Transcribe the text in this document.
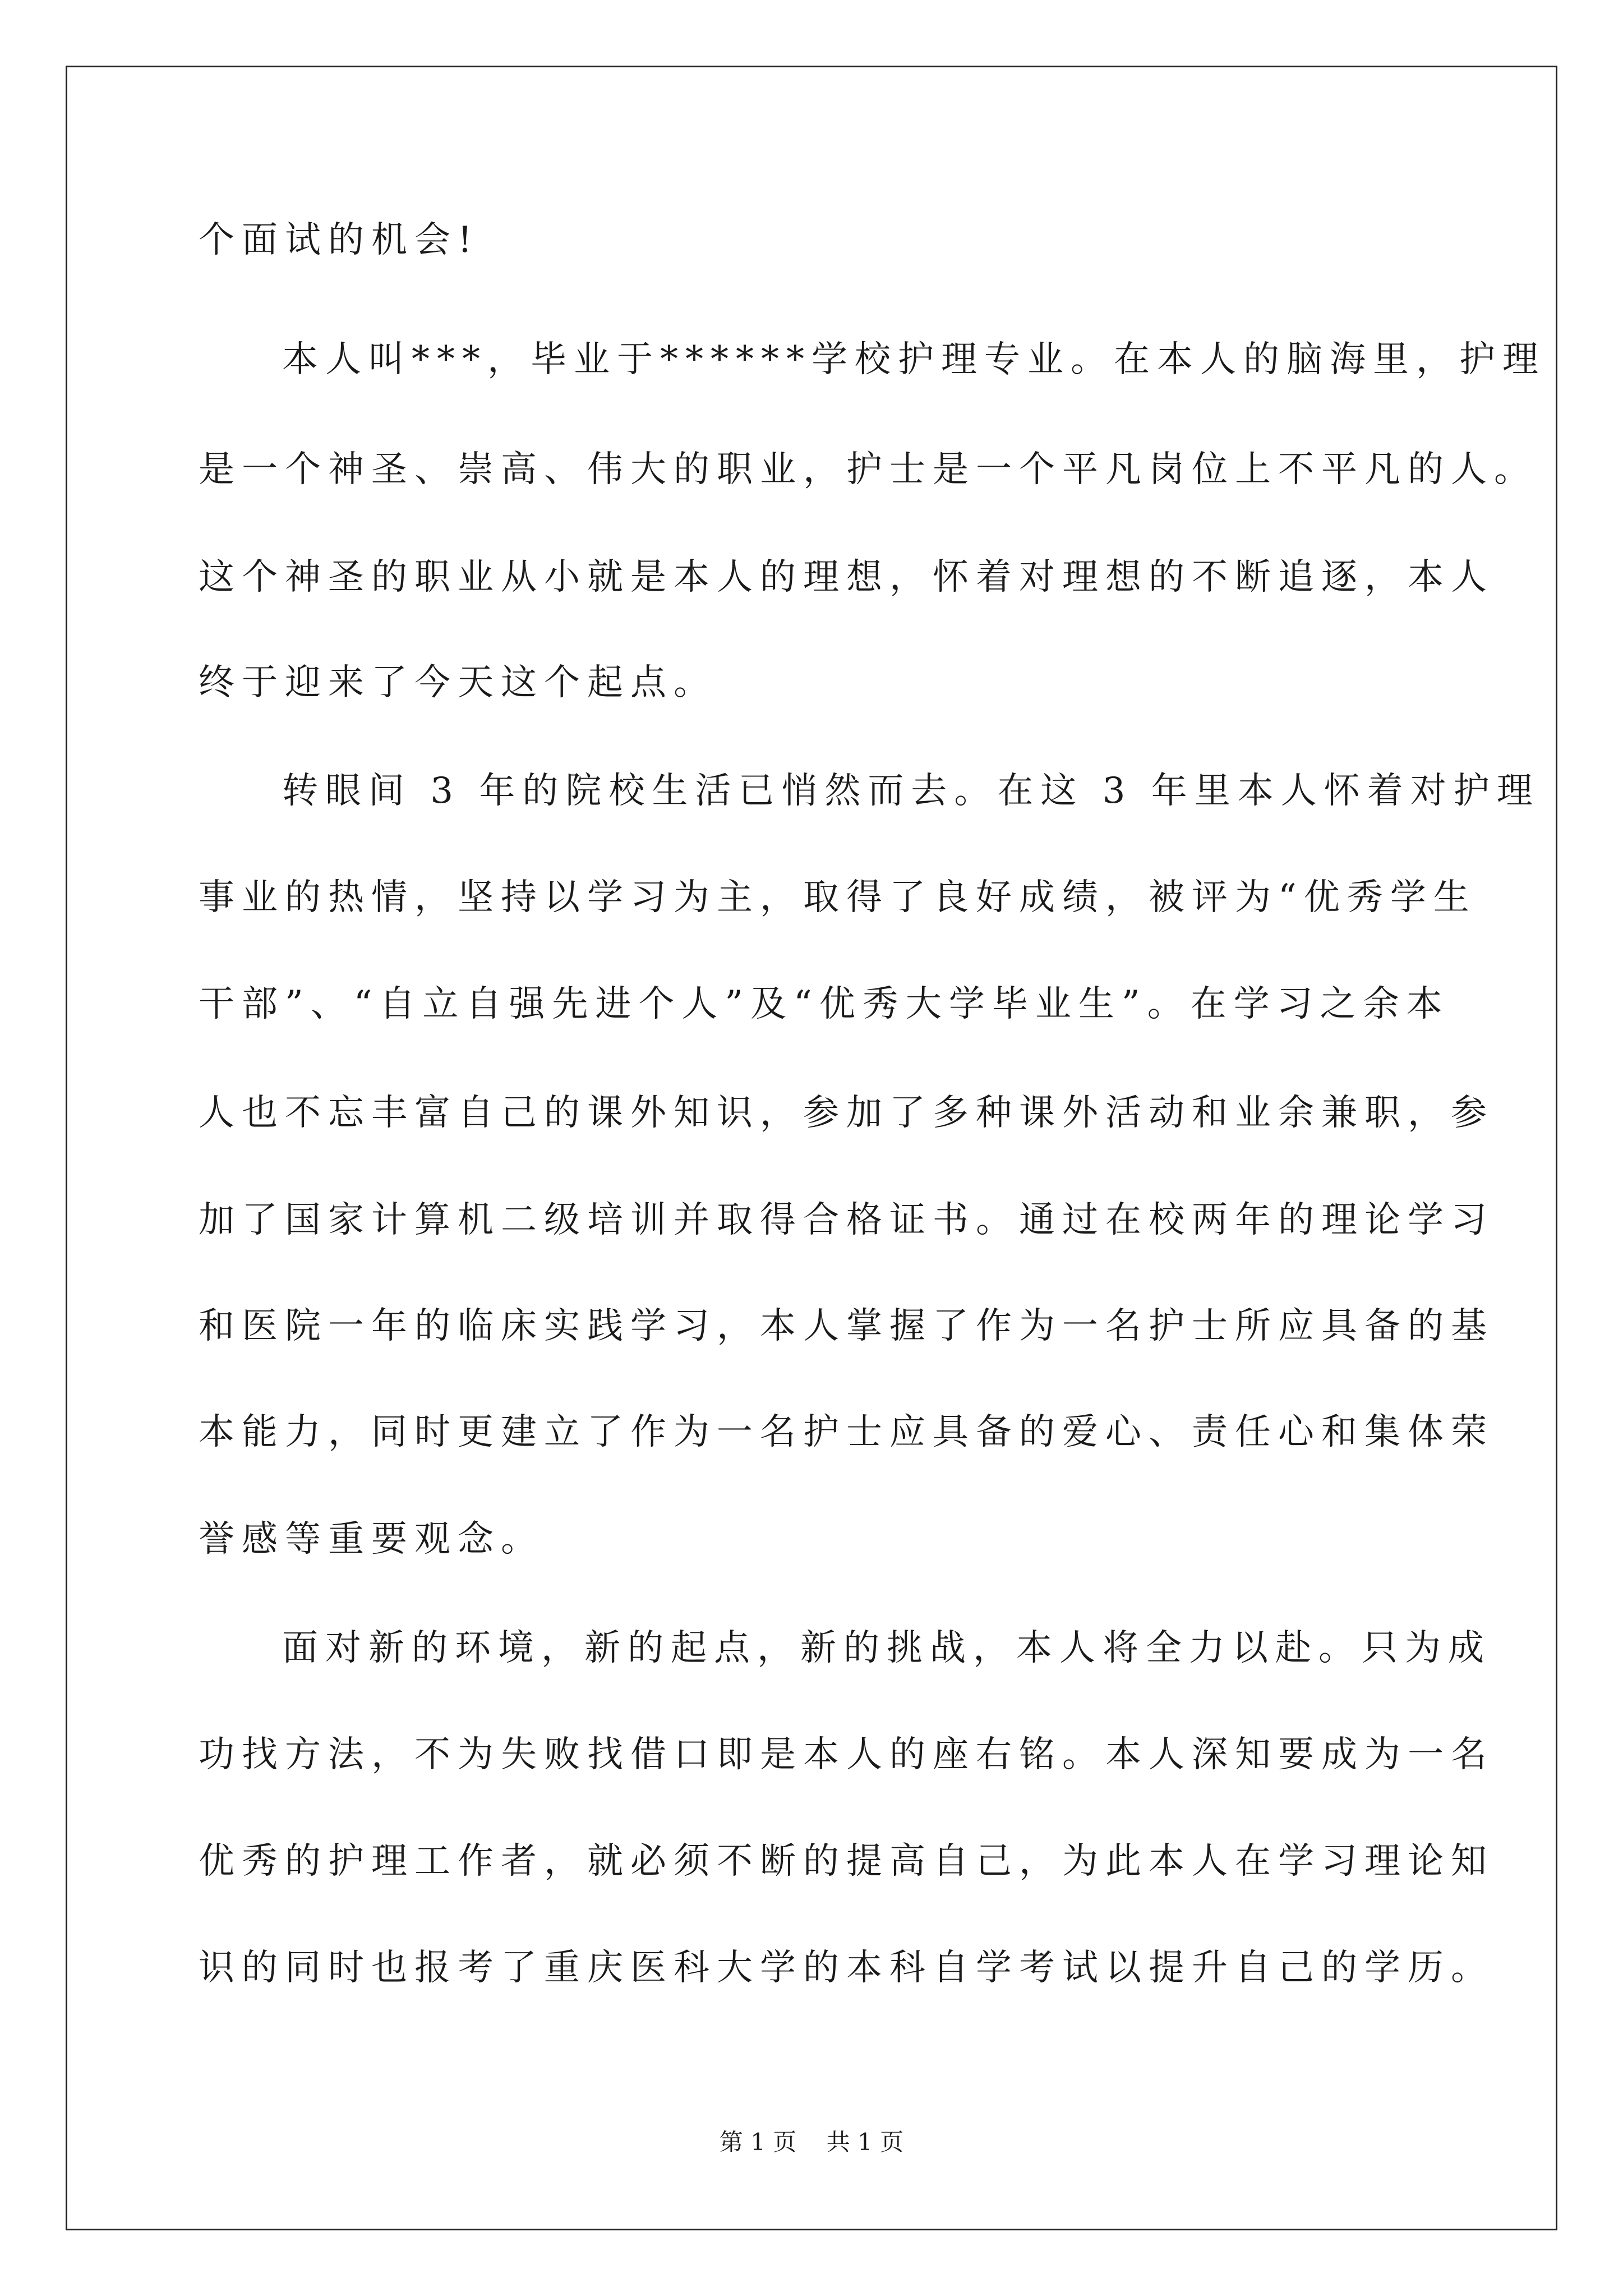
个面试的机会!
本人叫***，毕业于******学校护理专业。在本人的脑海里，护理
是一个神圣、崇高、伟大的职业，护士是一个平凡岗位上不平凡的人。
这个神圣的职业从小就是本人的理想，怀着对理想的不断追逐，本人
终于迎来了今天这个起点。
转眼间 3 年的院校生活已悄然而去。在这 3 年里本人怀着对护理
事业的热情，坚持以学习为主，取得了良好成绩，被评为“优秀学生
干部”、“自立自强先进个人”及“优秀大学毕业生”。在学习之余本
人也不忘丰富自己的课外知识，参加了多种课外活动和业余兼职，参
加了国家计算机二级培训并取得合格证书。通过在校两年的理论学习
和医院一年的临床实践学习，本人掌握了作为一名护士所应具备的基
本能力，同时更建立了作为一名护士应具备的爱心、责任心和集体荣
誉感等重要观念。
面对新的环境，新的起点，新的挑战，本人将全力以赴。只为成
功找方法，不为失败找借口即是本人的座右铭。本人深知要成为一名
优秀的护理工作者，就必须不断的提高自己，为此本人在学习理论知
识的同时也报考了重庆医科大学的本科自学考试以提升自己的学历。
第 1 页    共 1 页
